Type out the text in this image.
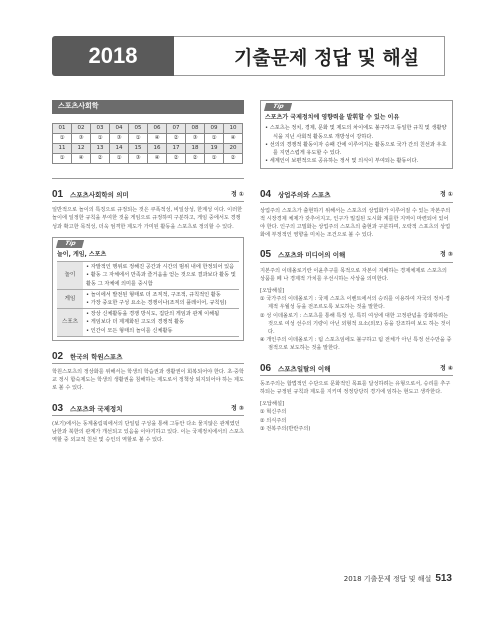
2018	기출문제 정답 및 해설
스포츠사회학
01	02	03	04	05	06	07	08	09	10
①	③	①	③	①	④	②	③	①	④
11	12	13	14	15	16	17	18	19	20
①	④	②	①	③	④	②	②	①	②
01	스포츠사회학의 의미	정 ①
일반적으로 놀이의 특징으로 규정되는 것은 쿠폭적성, 비일상성, 한계성 이다. 이러한 놀이에 일정한 규칙을 부여한 것을 게임으로 규정하며 구분하고, 게임 중에서도 경쟁성과 확고한 목적성, 더욱 엄격한 제도가 가미된 활동을 스포츠로 정의할 수 있다.
Tip
놀이, 게임, 스포츠
놀이
• 자발적인 행위로 정해진 공간과 시간의 범위 내에 한정되어 있음
• 활동 그 자체에서 만족과 즐거움을 얻는 것으로 결과보다 활동 및 활동 그 자체에 의미를 중시함
게임
• 놀이에서 발전된 형태로 더 조직적, 구조적, 규칙적인 활동
• 가장 중요한 구성 요소는 경쟁이나(조직의 플레이어, 규칙임)
스포츠
• 장상 신체활동을 경쟁 방식도, 집단의 게임과 관계 이해됨
• 게임보다 더 제계화된 고도의 경쟁적 활동
• 인간이 모든 형태의 놀이를 신체활동
02	한국의 학원스포츠
학원스포츠의 정상화를 위해서는 학생의 학습권과 생활권이 회복되어야 한다. 초·중학교 정시 합숙제도는 학생의 생활권을 침해하는 제도로서 정책상 퇴지되어야 하는 제도로 볼 수 있다.
03	스포츠와 국제정치	정 ③
(보기)에서는 동계올림픽에서의 단일팀 구성을 통해 그동안 다소 물지않은 관계였던 남한과 북한의 관계가 개선되고 있음을 이야기하고 있다. 이는 국제정치에서의 스포츠 역할 중 외교적 친선 및 승인의 역할로 볼 수 있다.
Tip
스포츠가 국제정치에 영향력을 발휘할 수 있는 이유
• 스포츠는 정치, 경제, 문화 및 제도의 차이에도 불구하고 동일한 규칙 및 생활양식을 지닌 사회적 활동으로 개방성이 강하다.
• 선의의 경쟁적 활동이자 승패 간에 이루어지는 활동으로 국가 간의 친선과 우호를 지연스럽게 유도할 수 있다.
• 세계인이 보편적으로 공유하는 정서 및 의식이 부여되는 활동이다.
04	상업주의와 스포츠	정 ①
상업주의 스포츠가 출현하기 위해서는 스포츠의 상업화가 이루어질 수 있는 자본주의적 시장경제 체제가 갖추어지고, 인구가 밀집된 도시화 계를한 지역이 마련되어 있어야 한다. 인구의 고밀화는 상업주의 스포츠의 출현과 구분하며, 오락적 스포츠의 상업화에 부정적인 영향을 미치는 조건으로 볼 수 있다.
05	스포츠와 미디어의 이해	정 ③
지본주의 이데올로기란 이윤추구를 목적으로 자본이 지배하는 경제체제로 스포츠의 상품를 떼 나 경제적 가치를 우선시하는 사상을 의미한다.
[오답해설]
① 국가주의 이데올로기 : 국제 스포츠 이벤트에서의 승리를 이용하여 자국의 정치·경제적 우월성 등을 전조르도록 보도하는 것을 말한다.
② 성 이데올로기 : 스포츠를 통해 특정 성, 특히 여성에 대한 고정관념을 강화하려는 것으로 여성 선수의 기량이 아닌 외형적 요소(외모) 등을 강조하여 보도 하는 것이다.
④ 개인주의 이데올로기 : 팀 스포츠임에도 불구하고 팀 전체가 아닌 특정 선수만을 중점적으로 보도하는 것을 말한다.
06	스포츠일탈의 이해	정 ④
동조주의는 합법적인 수단으로 문화적인 목표를 달성하려는 유형으로서, 승리를 추구하되는 규정된 규칙과 제도를 지키며 정정당당히 경기에 임하는 현도고 생각한다.
[오답해설]
① 혁신주의
② 의식주의
③ 전복주의(반란주의)
2018 기출문제 정답 및 해설 513
